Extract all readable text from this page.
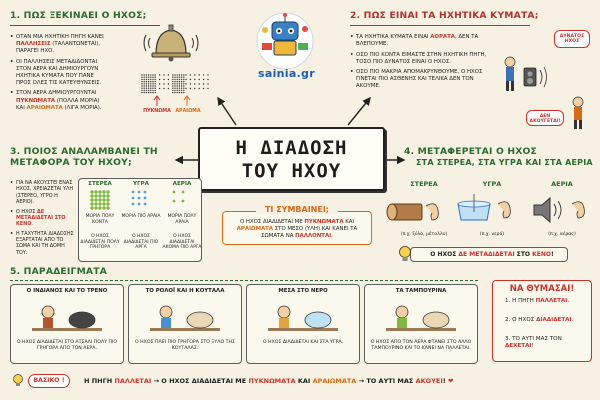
1. ΠΩΣ ΞΕΚΙΝΑΕΙ Ο ΗΧΟΣ;
• ΟΤΑΝ ΜΙΑ ΗΧΗΤΙΚΗ ΠΗΓΗ ΚΑΝΕΙ ΠΑΛΛΗΣΕΙΣ (ΤΑΛΑΝΤΩΝΕΤΑΙ), ΠΑΡΑΓΕΙ ΗΧΟ.
• ΟΙ ΠΑΛΛΗΣΕΙΣ ΜΕΤΑΔΙΔΟΝΤΑΙ ΣΤΟΝ ΑΕΡΑ ΚΑΙ ΔΗΜΙΟΥΡΓΟΥΝ ΗΧΗΤΙΚΑ ΚΥΜΑΤΑ ΠΟΥ ΠΑΝΕ ΠΡΟΣ ΟΛΕΣ ΤΙΣ ΚΑΤΕΥΘΥΝΣΕΙΣ.
• ΣΤΟΝ ΑΕΡΑ ΔΗΜΙΟΥΡΓΟΥΝΤΑΙ ΠΥΚΝΩΜΑΤΑ (ΠΟΛΛΑ ΜΟΡΙΑ) ΚΑΙ ΑΡΑΙΩΜΑΤΑ (ΛΙΓΑ ΜΟΡΙΑ).
ΠΥΚΝΩΜΑ ΑΡΑΙΩΜΑ
sainia.gr
2. ΠΩΣ ΕΙΝΑΙ ΤΑ ΗΧΗΤΙΚΑ ΚΥΜΑΤΑ;
• ΤΑ ΗΧΗΤΙΚΑ ΚΥΜΑΤΑ ΕΙΝΑΙ ΑΟΡΑΤΑ, ΔΕΝ ΤΑ ΒΛΕΠΟΥΜΕ.
• ΟΣΟ ΠΙΟ ΚΟΝΤΑ ΕΙΜΑΣΤΕ ΣΤΗΝ ΗΧΗΤΙΚΗ ΠΗΓΗ, ΤΟΣΟ ΠΙΟ ΔΥΝΑΤΟΣ ΕΙΝΑΙ Ο ΗΧΟΣ.
• ΟΣΟ ΠΙΟ ΜΑΚΡΙΑ ΑΠΟΜΑΚΡΥΝΘΟΥΜΕ, Ο ΗΧΟΣ ΓΙΝΕΤΑΙ ΠΙΟ ΑΣΘΕΝΗΣ ΚΑΙ ΤΕΛΙΚΑ ΔΕΝ ΤΟΝ ΑΚΟΥΜΕ.
ΔΥΝΑΤΟΣ ΗΧΟΣ
ΔΕΝ ΑΚΟΥΓΕΤΑΙ!
Η ΔΙΑΔΟΣΗ
ΤΟΥ ΗΧΟΥ
Ο ΗΧΟΣ ΔΙΑΔΙΔΕΤΑΙ ΜΕ ΠΥΚΝΩΜΑΤΑ ΚΑΙ ΑΡΑΙΩΜΑΤΑ ΣΤΟ ΜΕΣΟ (ΥΛΗ) ΚΑΙ ΚΑΝΕΙ ΤΑ ΣΩΜΑΤΑ ΝΑ ΠΑΛΛΟΝΤΑΙ.
ΤΙ ΣΥΜΒΑΙΝΕΙ;
3. ΠΟΙΟΣ ΑΝΑΛΑΜΒΑΝΕΙ ΤΗ ΜΕΤΑΦΟΡΑ ΤΟΥ ΗΧΟΥ;
• ΓΙΑ ΝΑ ΑΚΟΥΣΤΕΙ ΕΝΑΣ ΗΧΟΣ, ΧΡΕΙΑΖΕΤΑΙ ΥΛΗ (ΣΤΕΡΕΟ, ΥΓΡΟ Η ΑΕΡΙΟ).
• Ο ΗΧΟΣ ΔΕ ΜΕΤΑΔΙΔΕΤΑΙ ΣΤΟ ΚΕΝΟ.
• Η ΤΑΧΥΤΗΤΑ ΔΙΑΔΟΣΗΣ ΕΞΑΡΤΑΤΑΙ ΑΠΟ ΤΟ ΣΩΜΑ ΚΑΙ ΤΗ ΔΟΜΗ ΤΟΥ.
ΣΤΕΡΕΑ
ΜΟΡΙΑ ΠΟΛΥ ΚΟΝΤΑ
Ο ΗΧΟΣ ΔΙΑΔΙΔΕΤΑΙ ΠΟΛΥ ΓΡΗΓΟΡΑ
ΥΓΡΑ
ΜΟΡΙΑ ΠΙΟ ΑΡΑΙΑ
Ο ΗΧΟΣ ΔΙΑΔΙΔΕΤΑΙ ΠΙΟ ΑΡΓΑ
ΑΕΡΙΑ
ΜΟΡΙΑ ΠΟΛΥ ΑΡΑΙΑ
Ο ΗΧΟΣ ΔΙΑΔΙΔΕΤΑΙ ΑΚΟΜΑ ΠΙΟ ΑΡΓΑ
4. ΜΕΤΑΦΕΡΕΤΑΙ Ο ΗΧΟΣ
ΣΤΑ ΣΤΕΡΕΑ, ΣΤΑ ΥΓΡΑ ΚΑΙ ΣΤΑ ΑΕΡΙΑ
ΣΤΕΡΕΑ
(π.χ. ξύλο, μέταλλο)
ΥΓΡΑ
(π.χ. νερό)
ΑΕΡΙΑ
(π.χ. αέρας)
Ο ΗΧΟΣ ΔΕ ΜΕΤΑΔΙΔΕΤΑΙ ΣΤΟ ΚΕΝΟ!
5. ΠΑΡΑΔΕΙΓΜΑΤΑ
Ο ΙΝΔΙΑΝΟΣ ΚΑΙ ΤΟ ΤΡΕΝΟ
Ο ΗΧΟΣ ΔΙΑΔΙΔΕΤΑΙ ΣΤΟ ΑΤΣΑΛΙ ΠΟΛΥ ΠΙΟ ΓΡΗΓΟΡΑ ΑΠΟ ΤΟΝ ΑΕΡΑ.
ΤΟ ΡΟΛΟΪ ΚΑΙ Η ΚΟΥΤΑΛΑ
Ο ΗΧΟΣ ΠΑΕΙ ΠΙΟ ΓΡΗΓΟΡΑ ΣΤΟ ΞΥΛΟ ΤΗΣ ΚΟΥΤΑΛΑΣ.
ΜΕΣΑ ΣΤΟ ΝΕΡΟ
Ο ΗΧΟΣ ΔΙΑΔΙΔΕΤΑΙ ΚΑΙ ΣΤΑ ΥΓΡΑ.
ΤΑ ΤΑΜΠΟΥΡΙΝΑ
Ο ΗΧΟΣ ΑΠΟ ΤΟΝ ΑΕΡΑ ΦΤΑΝΕΙ ΣΤΟ ΑΛΛΟ ΤΑΜΠΟΥΡΙΝΟ ΚΑΙ ΤΟ ΚΑΝΕΙ ΝΑ ΠΑΛΛΕΤΑΙ.
ΝΑ ΘΥΜΑΣΑΙ!
1. Η ΠΗΓΗ ΠΑΛΛΕΤΑΙ.
2. Ο ΗΧΟΣ ΔΙΑΔΙΔΕΤΑΙ.
3. ΤΟ ΑΥΤΙ ΜΑΣ ΤΟΝ ΔΕΧΕΤΑΙ!
ΒΑΣΙΚΟ !	Η ΠΗΓΗ ΠΑΛΛΕΤΑΙ → Ο ΗΧΟΣ ΔΙΑΔΙΔΕΤΑΙ ΜΕ ΠΥΚΝΩΜΑΤΑ ΚΑΙ ΑΡΑΙΩΜΑΤΑ → ΤΟ ΑΥΤΙ ΜΑΣ ΑΚΟΥΕΙ! ❤
